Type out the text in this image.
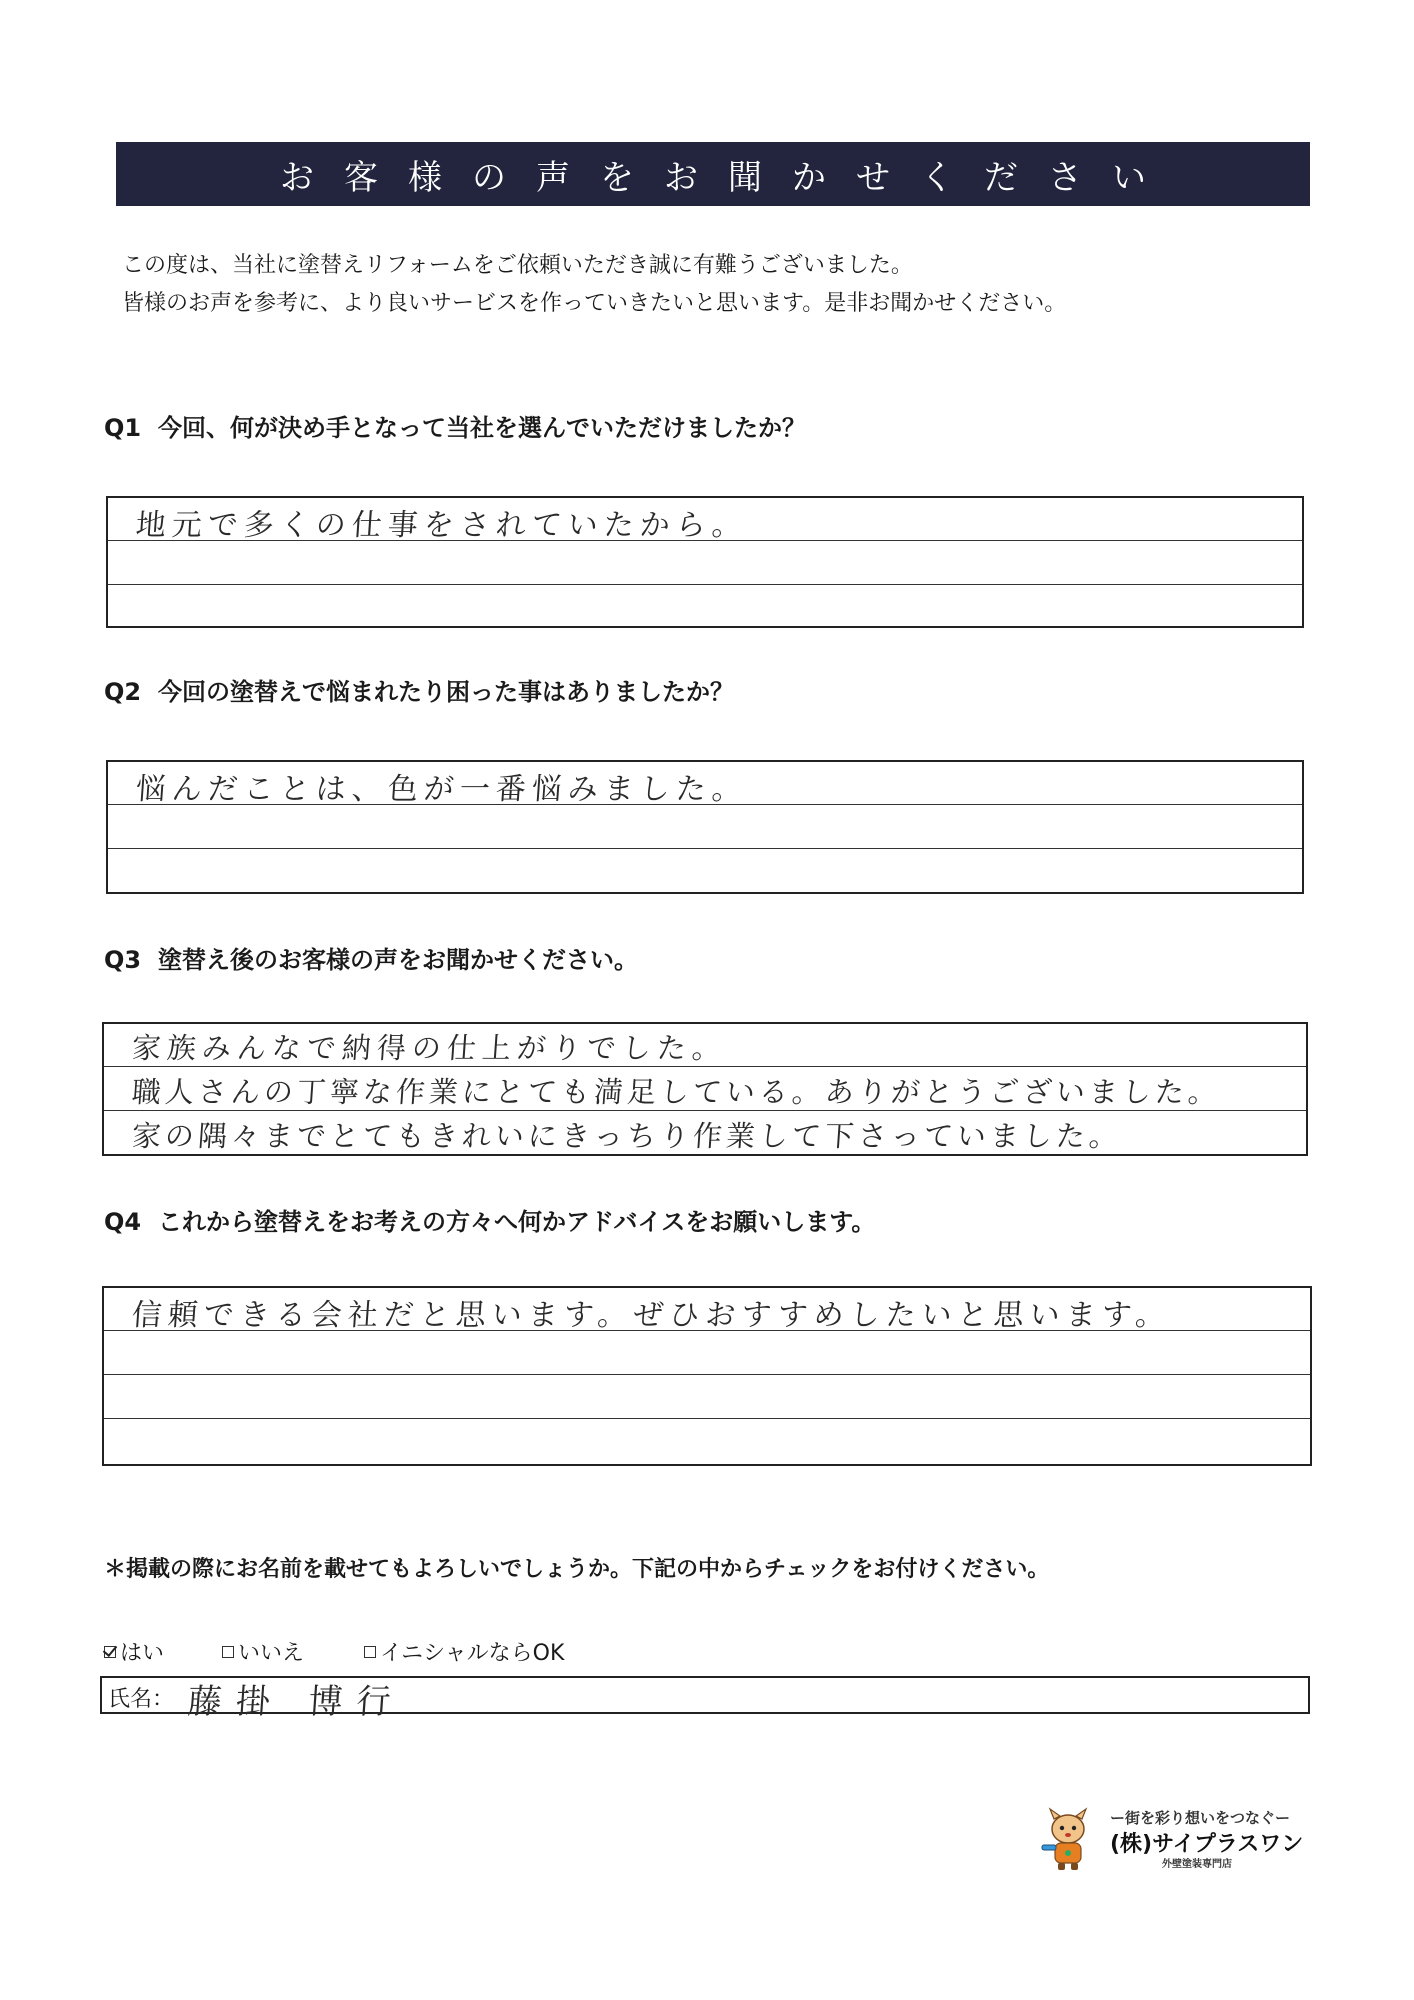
お客様の声をお聞かせください
この度は、当社に塗替えリフォームをご依頼いただき誠に有難うございました。
皆様のお声を参考に、より良いサービスを作っていきたいと思います。是非お聞かせください。
Q1 今回、何が決め手となって当社を選んでいただけましたか？
地元で多くの仕事をされていたから。
Q2 今回の塗替えで悩まれたり困った事はありましたか？
悩んだことは、色が一番悩みました。
Q3 塗替え後のお客様の声をお聞かせください。
家族みんなで納得の仕上がりでした。
職人さんの丁寧な作業にとても満足している。ありがとうございました。
家の隅々までとてもきれいにきっちり作業して下さっていました。
Q4 これから塗替えをお考えの方々へ何かアドバイスをお願いします。
信頼できる会社だと思います。ぜひおすすめしたいと思います。
＊掲載の際にお名前を載せてもよろしいでしょうか。下記の中からチェックをお付けください。
はい	いいえ	イニシャルならOK
氏名： 藤掛 博行
ー街を彩り想いをつなぐー
(株)サイプラスワン
外壁塗装専門店
